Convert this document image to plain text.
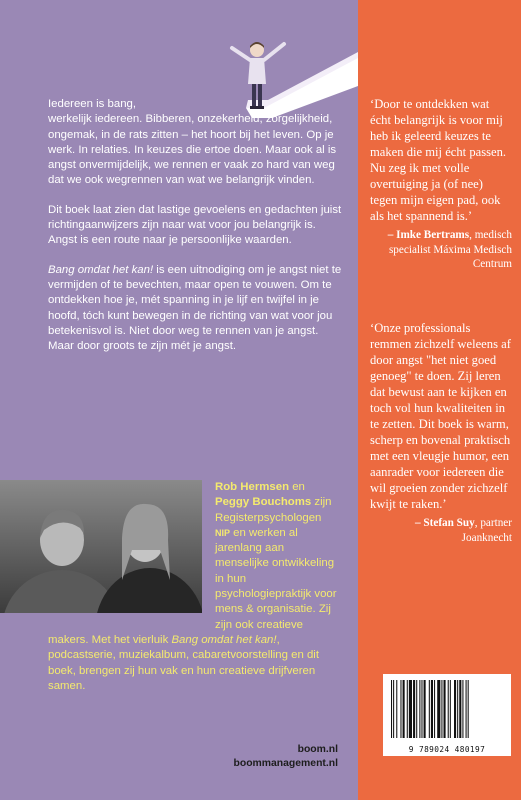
Iedereen is bang,
werkelijk iedereen. Bibberen, onzekerheid, zorgelijkheid, ongemak, in de rats zitten – het hoort bij het leven. Op je werk. In relaties. In keuzes die ertoe doen. Maar ook al is angst onvermijdelijk, we rennen er vaak zo hard van weg dat we ook wegrennen van wat we belangrijk vinden.

Dit boek laat zien dat lastige gevoelens en gedachten juist richtingaanwijzers zijn naar wat voor jou belangrijk is. Angst is een route naar je persoonlijke waarden.

Bang omdat het kan! is een uitnodiging om je angst niet te vermijden of te bevechten, maar open te vouwen. Om te ontdekken hoe je, mét spanning in je lijf en twijfel in je hoofd, tóch kunt bewegen in de richting van wat voor jou betekenisvol is. Niet door weg te rennen van je angst. Maar door groots te zijn mét je angst.

Rob Hermsen en Peggy Bouchoms zijn Registerpsychologen NIP en werken al jarenlang aan menselijke ontwikkeling in hun psychologiepraktijk voor mens & organisatie. Zij zijn ook creatieve makers. Met het vierluik Bang omdat het kan!, podcastserie, muziekalbum, cabaretvoorstelling en dit boek, brengen zij hun vak en hun creatieve drijfveren samen.
boom.nl
boommanagement.nl
‘Door te ontdekken wat écht belangrijk is voor mij heb ik geleerd keuzes te maken die mij écht passen. Nu zeg ik met volle overtuiging ja (of nee) tegen mijn eigen pad, ook als het spannend is.’
– Imke Bertrams, medisch specialist Máxima Medisch Centrum
‘Onze professionals remmen zichzelf weleens af door angst "het niet goed genoeg" te doen. Zij leren dat bewust aan te kijken en toch vol hun kwaliteiten in te zetten. Dit boek is warm, scherp en bovenal praktisch met een vleugje humor, een aanrader voor iedereen die wil groeien zonder zichzelf kwijt te raken.’
– Stefan Suy, partner Joanknecht
9 789024 480197
